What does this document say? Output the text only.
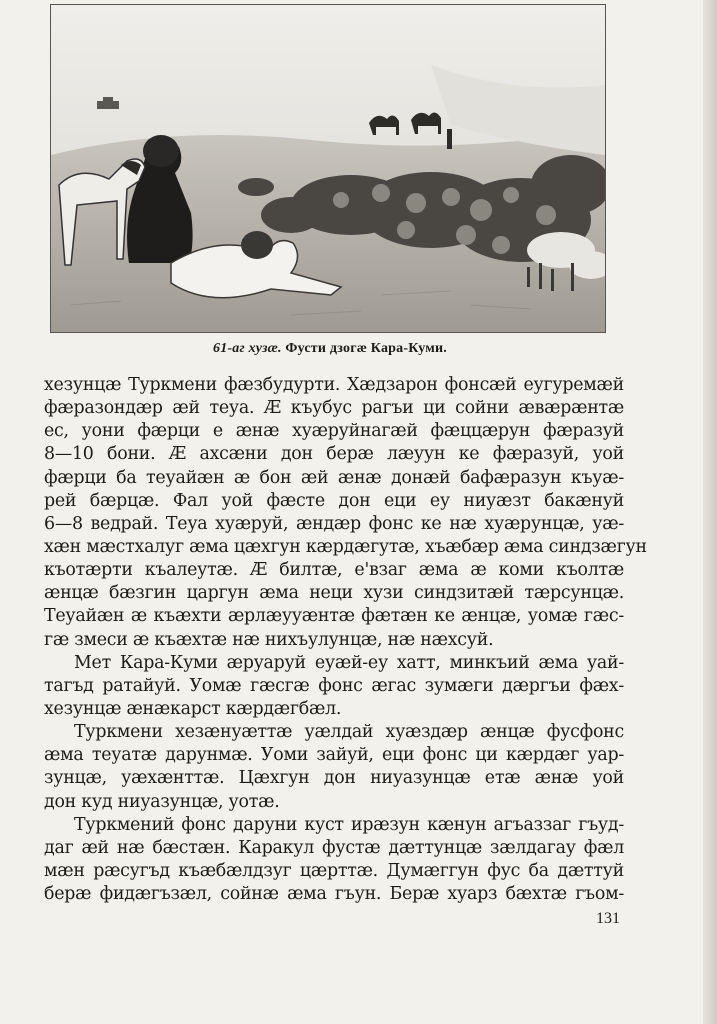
61-аг хузæ. Фусти дзогæ Кара-Куми.
хезунцæ Туркмени фæзбудурти. Хæдзарон фонсæй еугуремæй
фæразондæр æй теуа. Æ къубус рагъи ци сойни æвæрæнтæ
ес, уони фæрци е æнæ хуæруйнагæй фæццæрун фæразуй
8—10 бони. Æ ахсæни дон берæ лæуун ке фæразуй, уой
фæрци ба теуайæн æ бон æй æнæ донæй бафæразун къуæ-
рей бæрцæ. Фал уой фæсте дон еци еу ниуæзт бакæнуй
6—8 ведрай. Теуа хуæруй, æндæр фонс ке нæ хуæрунцæ, уæ-
хæн мæстхалуг æма цæхгун кæрдæгутæ, хъæбæр æма синдзæгун
къотæрти къалеутæ. Æ билтæ, е'взаг æма æ коми къолтæ
æнцæ бæзгин царгун æма неци хузи синдзитæй тæрсунцæ.
Теуайæн æ къæхти æрлæууæнтæ фæтæн ке æнцæ, уомæ гæс-
гæ змеси æ къæхтæ нæ нихъулунцæ, нæ нæхсуй.
Мет Кара-Куми æруаруй еуæй-еу хатт, минкъий æма уай-
тагъд ратайуй. Уомæ гæсгæ фонс æгас зумæги дæргъи фæх-
хезунцæ æнæкарст кæрдæгбæл.
Туркмени хезæнуæттæ уæлдай хуæздæр æнцæ фусфонс
æма теуатæ дарунмæ. Уоми зайуй, еци фонс ци кæрдæг уар-
зунцæ, уæхæнттæ. Цæхгун дон ниуазунцæ етæ æнæ уой
дон куд ниуазунцæ, уотæ.
Туркмений фонс даруни куст ирæзун кæнун агъаззаг гъуд-
даг æй нæ бæстæн. Каракул фустæ дæттунцæ зæлдагау фæл
мæн рæсугъд къæбæлдзуг цæрттæ. Думæггун фус ба дæттуй
берæ фидæгъзæл, сойнæ æма гъун. Берæ хуарз бæхтæ гъом-
131
